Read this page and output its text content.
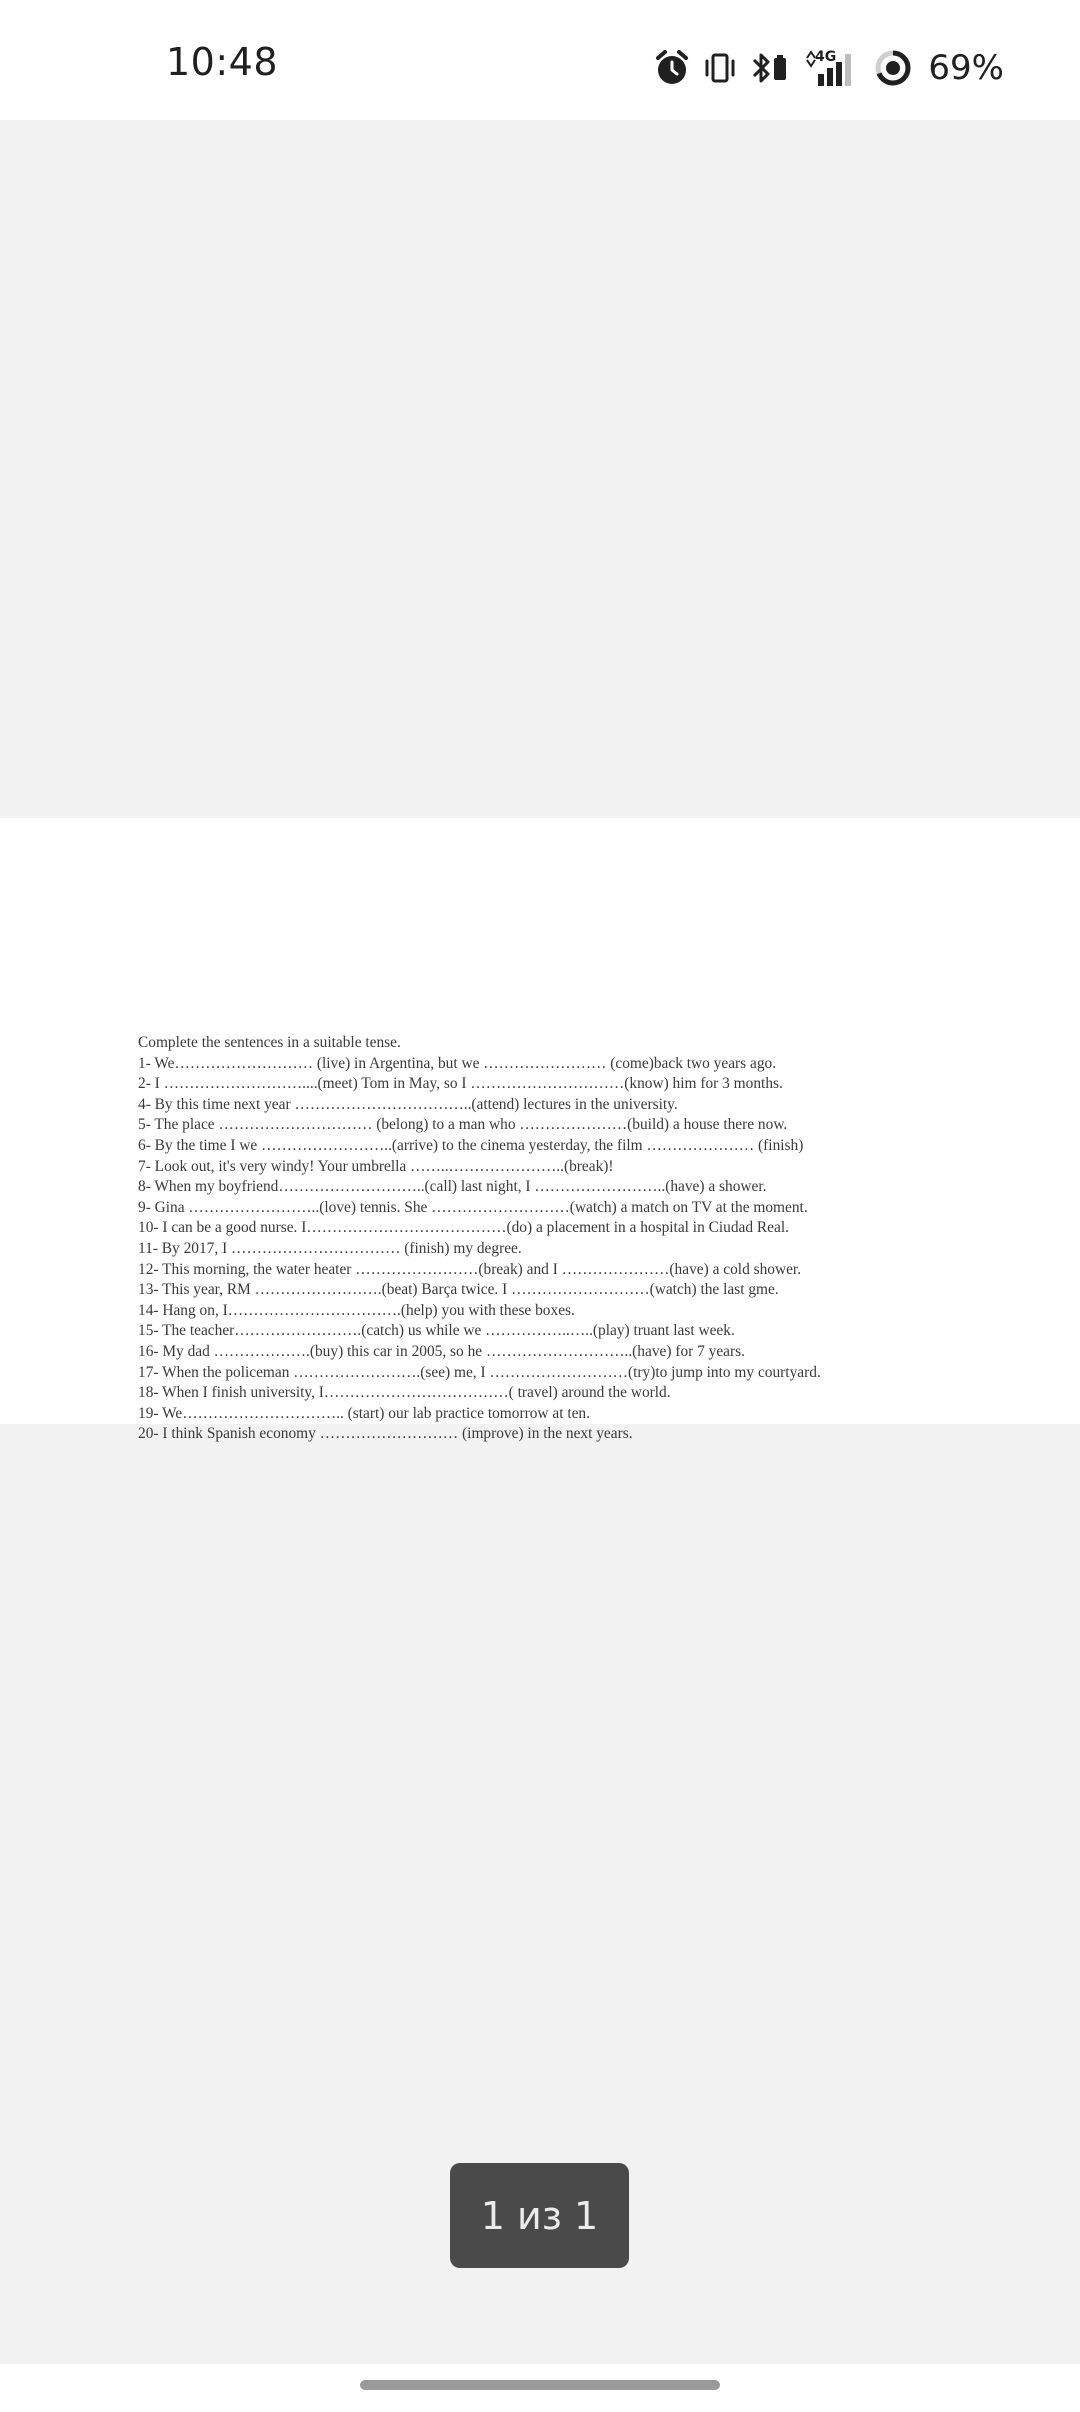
10:48	4G	69%
Complete the sentences in a suitable tense.
1- We……………………… (live) in Argentina, but we …………………… (come)back two years ago.
2- I ………………………....(meet) Tom in May, so I …………………………(know) him for 3 months.
4- By this time next year ……………………………..(attend) lectures in the university.
5- The place ………………………… (belong) to a man who …………………(build) a house there now.
6- By the time I we ……………………..(arrive) to the cinema yesterday, the film ………………… (finish)
7- Look out, it's very windy! Your umbrella ……..…………………..(break)!
8- When my boyfriend………………………..(call) last night, I ……………………..(have) a shower.
9- Gina ……………………..(love) tennis. She ………………………(watch) a match on TV at the moment.
10- I can be a good nurse. I…………………………………(do) a placement in a hospital in Ciudad Real.
11- By 2017, I …………………………… (finish) my degree.
12- This morning, the water heater ……………………(break) and I …………………(have) a cold shower.
13- This year, RM …………………….(beat) Barça twice. I ………………………(watch) the last gme.
14- Hang on, I…………………………….(help) you with these boxes.
15- The teacher…………………….(catch) us while we ……………..…..(play) truant last week.
16- My dad ……………….(buy) this car in 2005, so he ………………………..(have) for 7 years.
17- When the policeman …………………….(see) me, I ………………………(try)to jump into my courtyard.
18- When I finish university, I………………………………( travel) around the world.
19- We………………………….. (start) our lab practice tomorrow at ten.
20- I think Spanish economy ……………………… (improve) in the next years.
1 из 1
